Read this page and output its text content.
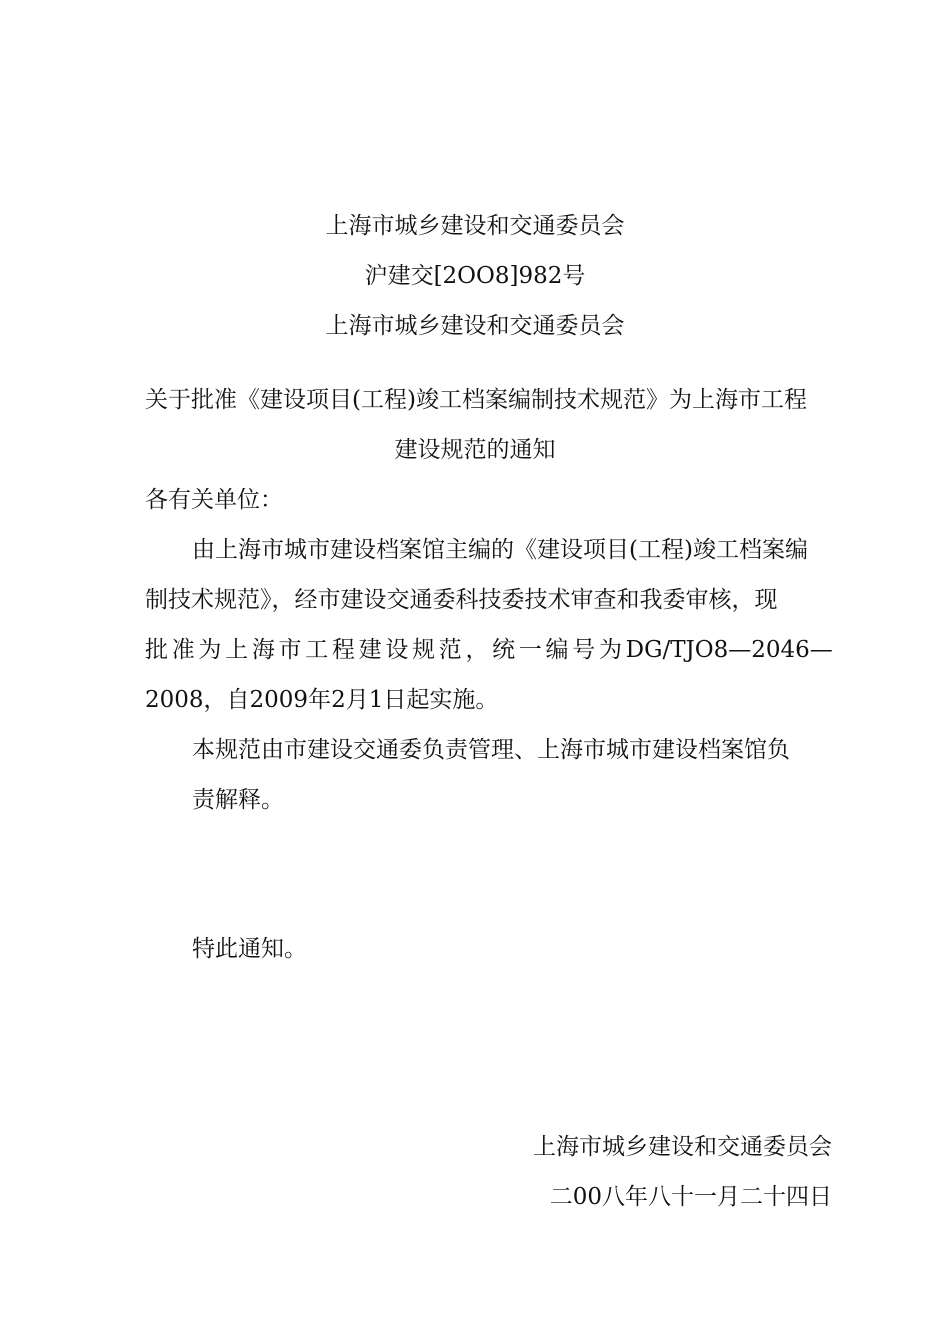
上海市城乡建设和交通委员会
沪建交[2OO8]982号
上海市城乡建设和交通委员会
关于批准《建设项目(工程)竣工档案编制技术规范》为上海市工程
建设规范的通知
各有关单位：
由上海市城市建设档案馆主编的《建设项目(工程)竣工档案编
制技术规范》，经市建设交通委科技委技术审查和我委审核，现
批 准 为 上 海 市 工 程 建 设 规 范 ， 统 一 编 号 为 DG/TJO8—2046—
2008，自2009年2月1日起实施。
本规范由市建设交通委负责管理、上海市城市建设档案馆负
责解释。
特此通知。
上海市城乡建设和交通委员会
二00八年八十一月二十四日
